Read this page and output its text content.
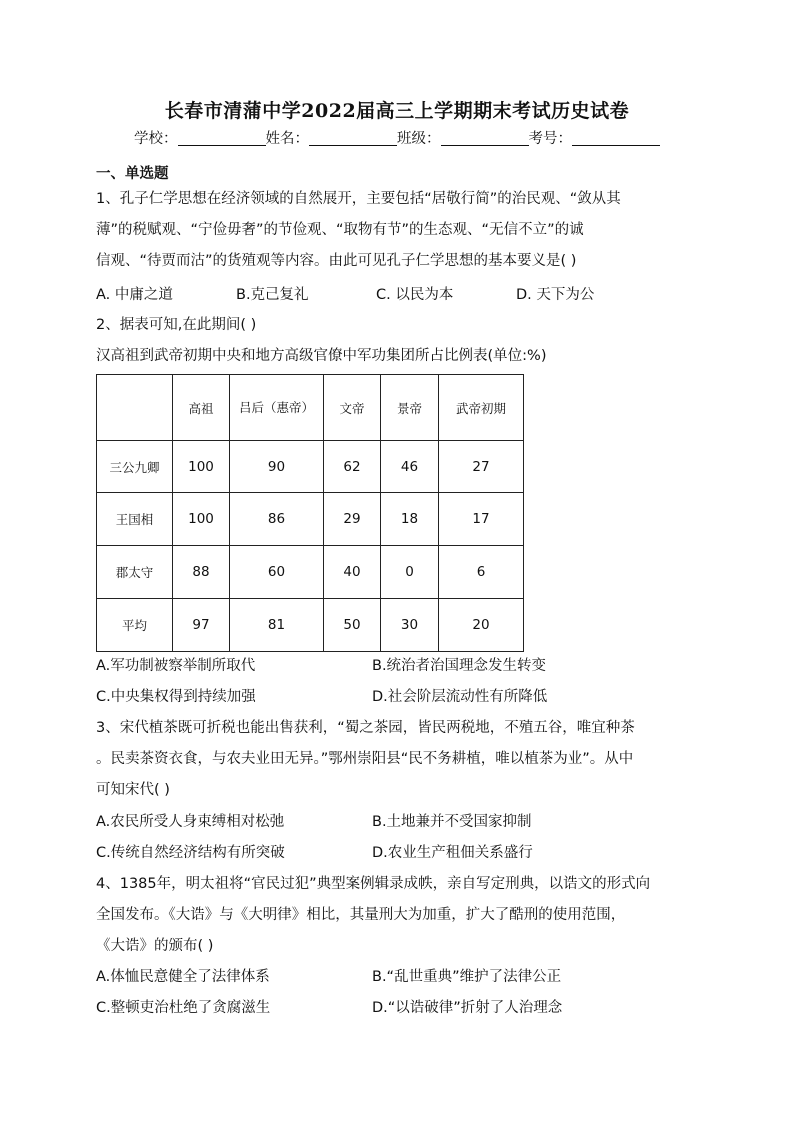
长春市清蒲中学2022届高三上学期期末考试历史试卷
学校：	姓名：	班级：	考号：
一、单选题
1、孔子仁学思想在经济领域的自然展开，主要包括“居敬行简”的治民观、“敛从其
薄”的税赋观、“宁俭毋奢”的节俭观、“取物有节”的生态观、“无信不立”的诚
信观、“待贾而沽”的货殖观等内容。由此可见孔子仁学思想的基本要义是( )
A. 中庸之道	B.克己复礼	C. 以民为本	D. 天下为公
2、据表可知,在此期间( )
汉高祖到武帝初期中央和地方高级官僚中军功集团所占比例表(单位:%)
	高祖	吕后（惠帝）	文帝	景帝	武帝初期
三公九卿	100	90	62	46	27
王国相	100	86	29	18	17
郡太守	88	60	40	0	6
平均	97	81	50	30	20
A.军功制被察举制所取代	B.统治者治国理念发生转变
C.中央集权得到持续加强	D.社会阶层流动性有所降低
3、宋代植茶既可折税也能出售获利，“蜀之茶园，皆民两税地，不殖五谷，唯宜种茶
。民卖茶资衣食，与农夫业田无异。”鄂州崇阳县“民不务耕植，唯以植茶为业”。从中
可知宋代( )
A.农民所受人身束缚相对松弛	B.土地兼并不受国家抑制
C.传统自然经济结构有所突破	D.农业生产租佃关系盛行
4、1385年，明太祖将“官民过犯”典型案例辑录成帙，亲自写定刑典，以诰文的形式向
全国发布。《大诰》与《大明律》相比，其量刑大为加重，扩大了酷刑的使用范围，
《大诰》的颁布( )
A.体恤民意健全了法律体系	B.“乱世重典”维护了法律公正
C.整顿吏治杜绝了贪腐滋生	D.“以诰破律”折射了人治理念
